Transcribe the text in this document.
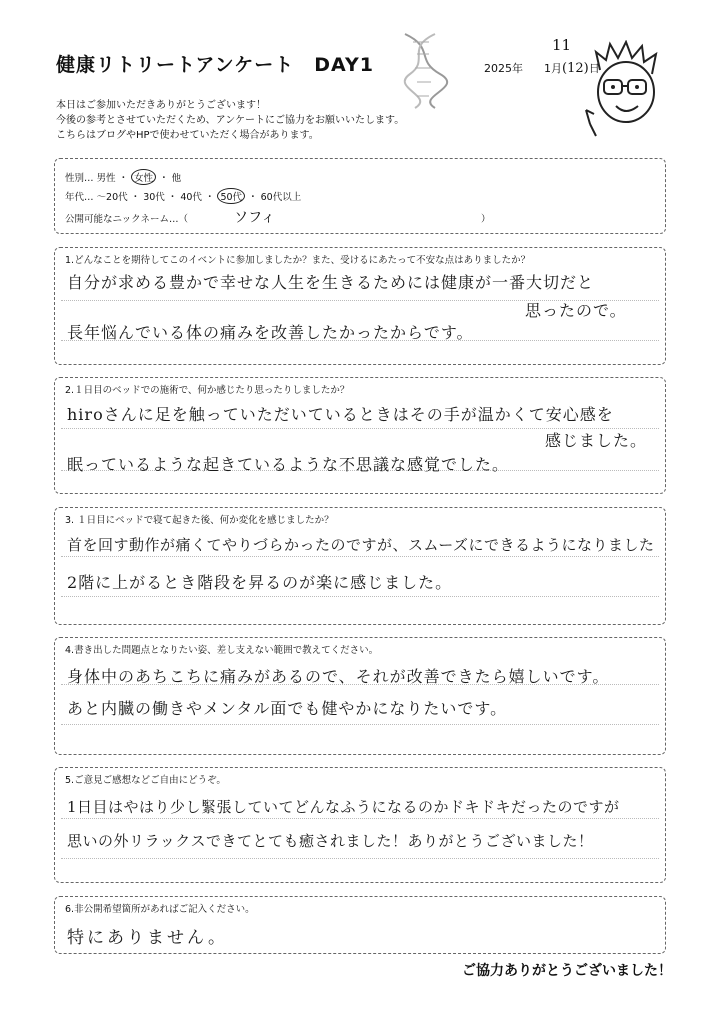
健康リトリートアンケート　DAY1
11
2025年 1月(12)日
本日はご参加いただきありがとうございます！
今後の参考とさせていただくため、アンケートにご協力をお願いいたします。
こちらはブログやHPで使わせていただく場合があります。
性別… 男性 ・ 女性 ・ 他
年代… ～20代 ・ 30代 ・ 40代 ・ 50代 ・ 60代以上
公開可能なニックネーム…（	ソフィ	）
1.どんなことを期待してこのイベントに参加しましたか？また、受けるにあたって不安な点はありましたか？
自分が求める豊かで幸せな人生を生きるためには健康が一番大切だと
思ったので。
長年悩んでいる体の痛みを改善したかったからです。
2.１日目のベッドでの施術で、何か感じたり思ったりしましたか？
hiroさんに足を触っていただいているときはその手が温かくて安心感を
感じました。
眠っているような起きているような不思議な感覚でした。
3. １日目にベッドで寝て起きた後、何か変化を感じましたか？
首を回す動作が痛くてやりづらかったのですが、スムーズにできるようになりました
2階に上がるとき階段を昇るのが楽に感じました。
4.書き出した問題点となりたい姿、差し支えない範囲で教えてください。
身体中のあちこちに痛みがあるので、それが改善できたら嬉しいです。
あと内臓の働きやメンタル面でも健やかになりたいです。
5.ご意見ご感想などご自由にどうぞ。
1日目はやはり少し緊張していてどんなふうになるのかドキドキだったのですが
思いの外リラックスできてとても癒されました！ありがとうございました！
6.非公開希望箇所があればご記入ください。
特にありません。
ご協力ありがとうございました！
